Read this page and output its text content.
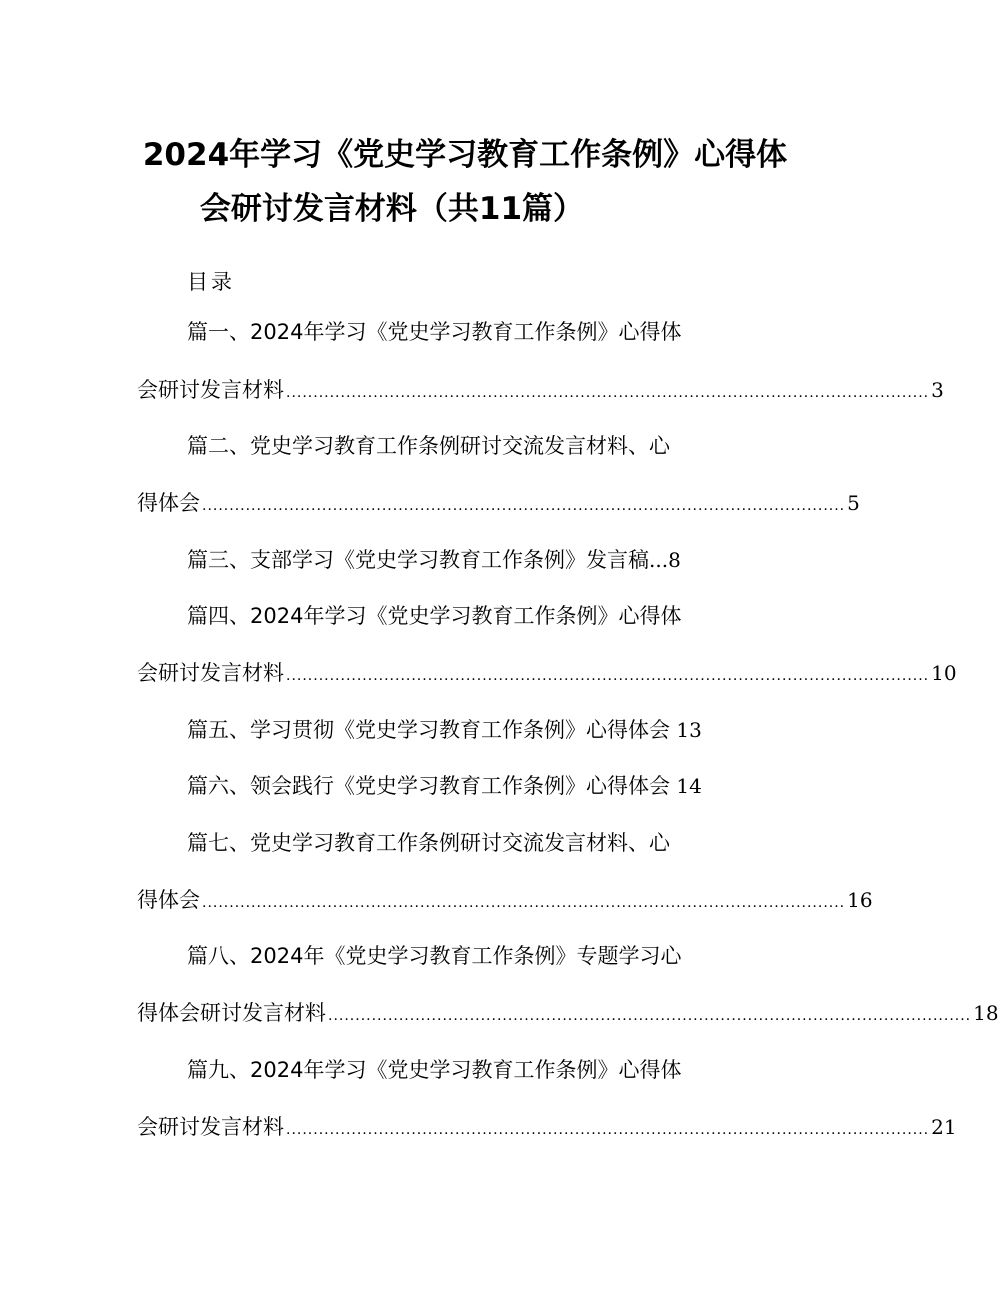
2024年学习《党史学习教育工作条例》心得体
会研讨发言材料（共11篇）
目录
篇一、2024年学习《党史学习教育工作条例》心得体
会研讨发言材料 ...................................................................................................................... 3
篇二、党史学习教育工作条例研讨交流发言材料、心
得体会 ...................................................................................................................... 5
篇三、支部学习《党史学习教育工作条例》发言稿...8
篇四、2024年学习《党史学习教育工作条例》心得体
会研讨发言材料 ...................................................................................................................... 10
篇五、学习贯彻《党史学习教育工作条例》心得体会 13
篇六、领会践行《党史学习教育工作条例》心得体会 14
篇七、党史学习教育工作条例研讨交流发言材料、心
得体会 ...................................................................................................................... 16
篇八、2024年《党史学习教育工作条例》专题学习心
得体会研讨发言材料 ...................................................................................................................... 18
篇九、2024年学习《党史学习教育工作条例》心得体
会研讨发言材料 ...................................................................................................................... 21
